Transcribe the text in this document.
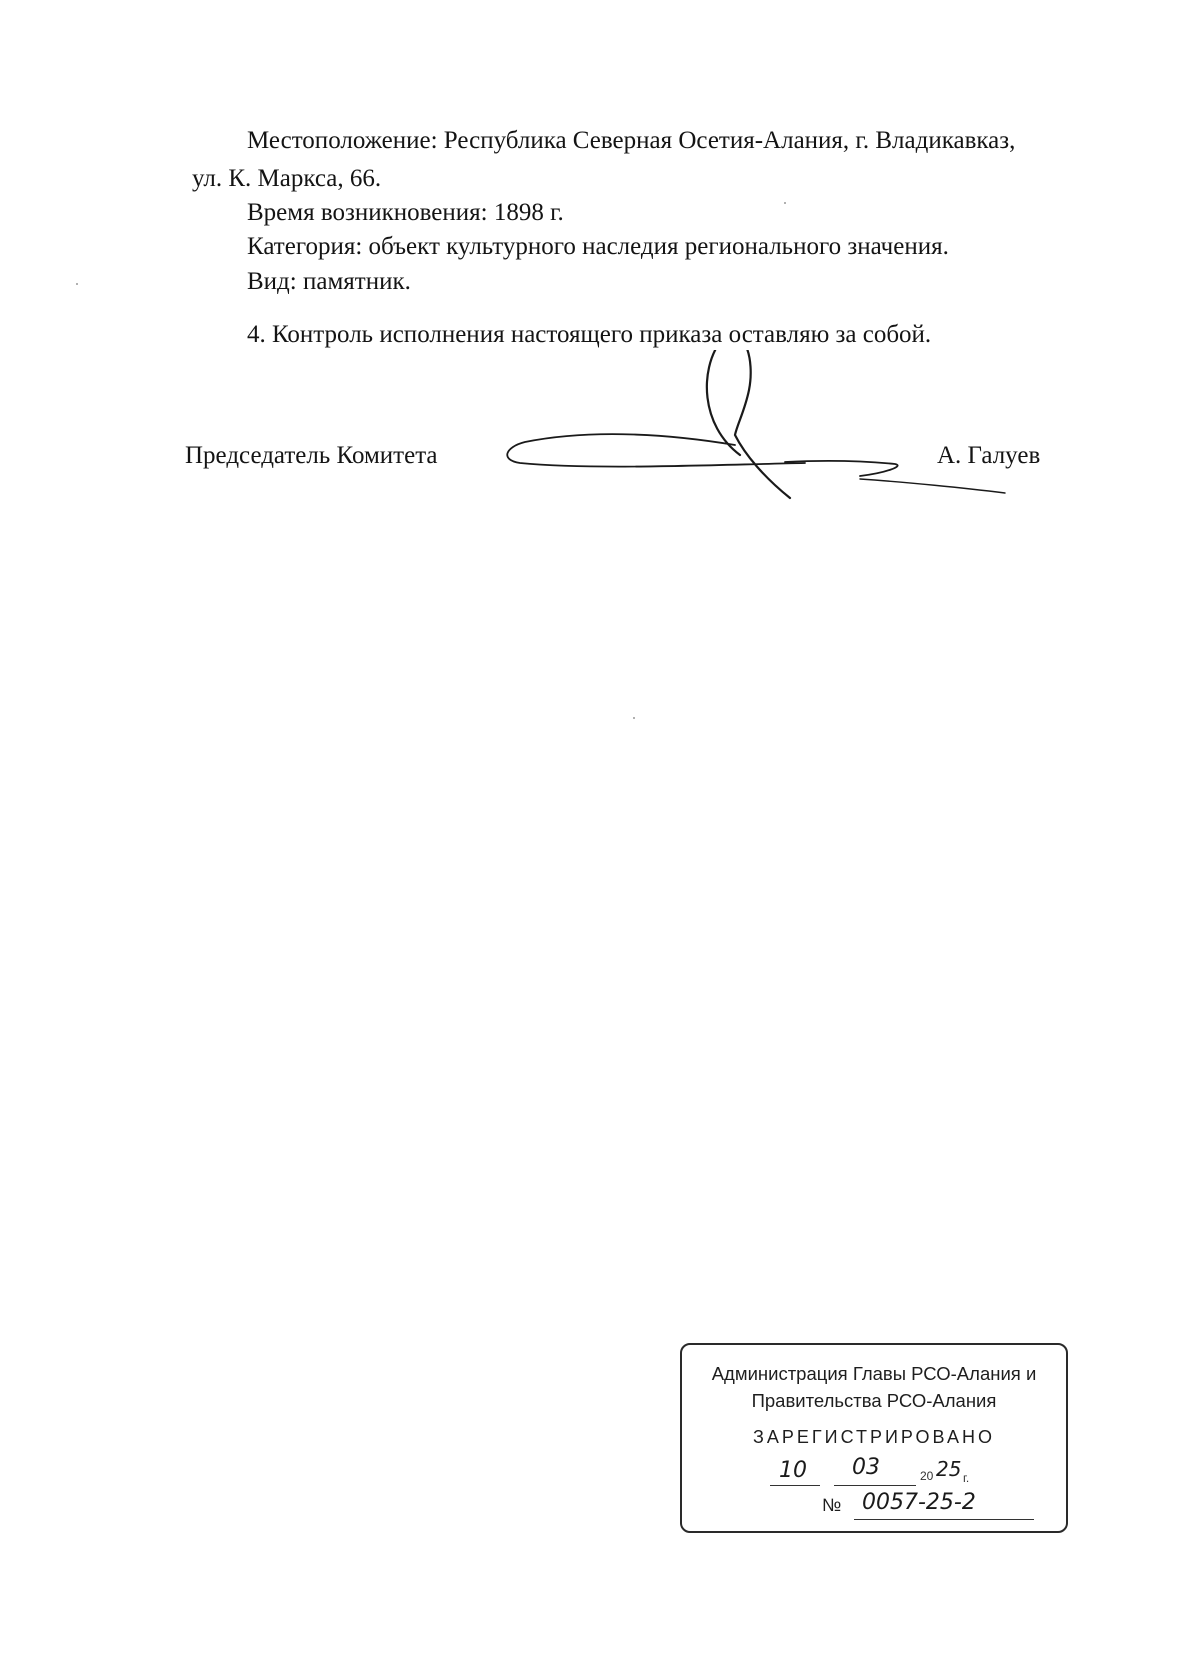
Местоположение: Республика Северная Осетия-Алания, г. Владикавказ,
ул. К. Маркса, 66.
Время возникновения: 1898 г.
Категория: объект культурного наследия регионального значения.
Вид: памятник.
4. Контроль исполнения настоящего приказа оставляю за собой.
Председатель Комитета	А. Галуев
Администрация Главы РСО-Алания и
Правительства РСО-Алания
ЗАРЕГИСТРИРОВАНО
10 03	20 25 г.
№ 0057-25-2
